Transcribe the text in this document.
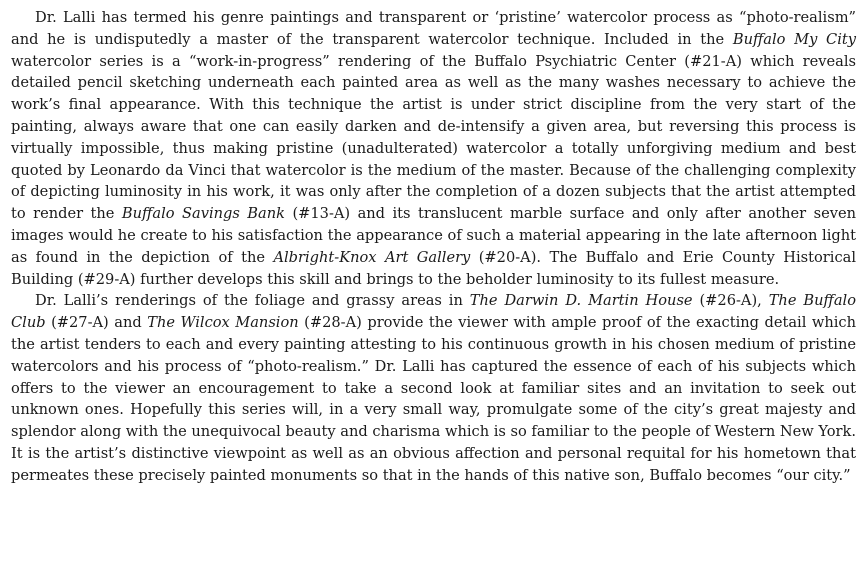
Dr. Lalli has termed his genre paintings and transparent or ‘pristine’ watercolor process as “photo-realism” and he is undisputedly a master of the transparent watercolor technique. Included in the Buffalo My City watercolor series is a “work-in-progress” rendering of the Buffalo Psychiatric Center (#21-A) which reveals detailed pencil sketching underneath each painted area as well as the many washes necessary to achieve the work’s final appearance. With this technique the artist is under strict discipline from the very start of the painting, always aware that one can easily darken and de-intensify a given area, but reversing this process is virtually impossible, thus making pristine (unadulterated) watercolor a totally unforgiving medium and best quoted by Leonardo da Vinci that watercolor is the medium of the master. Because of the challenging complexity of depicting luminosity in his work, it was only after the completion of a dozen subjects that the artist attempted to render the Buffalo Savings Bank (#13-A) and its translucent marble surface and only after another seven images would he create to his satisfaction the appearance of such a material appearing in the late afternoon light as found in the depiction of the Albright-Knox Art Gallery (#20-A). The Buffalo and Erie County Historical Building (#29-A) further develops this skill and brings to the beholder luminosity to its fullest measure.

Dr. Lalli’s renderings of the foliage and grassy areas in The Darwin D. Martin House (#26-A), The Buffalo Club (#27-A) and The Wilcox Mansion (#28-A) provide the viewer with ample proof of the exacting detail which the artist tenders to each and every painting attesting to his continuous growth in his chosen medium of pristine watercolors and his process of “photo-realism.” Dr. Lalli has captured the essence of each of his subjects which offers to the viewer an encouragement to take a second look at familiar sites and an invitation to seek out unknown ones. Hopefully this series will, in a very small way, promulgate some of the city’s great majesty and splendor along with the unequivocal beauty and charisma which is so familiar to the people of Western New York. It is the artist’s distinctive viewpoint as well as an obvious affection and personal requital for his hometown that permeates these precisely painted monuments so that in the hands of this native son, Buffalo becomes “our city.”
